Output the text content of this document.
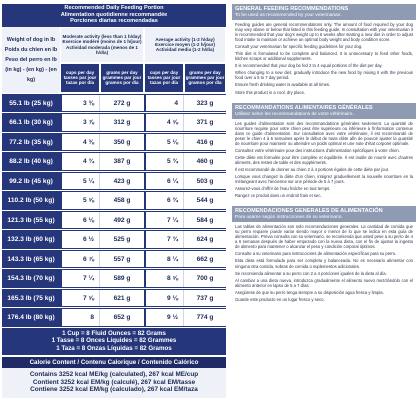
Recommended Daily Feeding Portion
Alimentation quotidienne recommandée
Porciones diarias recomendadas
Weight of dog in lb
Poids du chien en lb
Peso del perro en lb
(in kg) - (en kg) - (en kg)
Moderate activity (less than 1 h/day)
Exercice modéré (moins de 1 h/jour)
Actividad moderada (menos de 1 h/día)
Average activity (1-2 h/day)
Exercice moyen (1-2 h/jour)
Actividad media (1-2 h/día)
cups per day
tasses par jour
tazas por día
grams per day
grammes par jour
gramos por día
cups per day
tasses par jour
tazas por día
grams per day
grammes par jour
gramos por día
55.1 lb (25 kg)	3 ⅜	272 g	4	323 g
66.1 lb (30 kg)	3 ⅞	312 g	4 ⅝	371 g
77.2 lb (35 kg)	4 ⅜	350 g	5 ⅛	416 g
88.2 lb (40 kg)	4 ¾	387 g	5 ¾	460 g
99.2 lb (45 kg)	5 ¼	423 g	6 ¼	503 g
110.2 lb (50 kg)	5 ⅝	458 g	6 ¾	544 g
121.3 lb (55 kg)	6 ⅛	492 g	7 ¼	584 g
132.3 lb (60 kg)	6 ½	525 g	7 ¾	624 g
143.3 lb (65 kg)	6 ⅞	557 g	8 ¼	662 g
154.3 lb (70 kg)	7 ¼	589 g	8 ⅝	700 g
165.3 lb (75 kg)	7 ⅝	621 g	9 ⅛	737 g
176.4 lb (80 kg)	8	652 g	9 ½	774 g
1 Cup = 8 Fluid Ounces = 82 Grams
1 Tasse = 8 Onces Liquides = 82 Grammes
1 Taza = 8 Onzas Líquidas = 82 Gramos
Calorie Content / Contenu Calorique / Contenido Calórico
Contains 3252 kcal ME/kg (calculated), 267 kcal ME/cup
Contient 3252 kcal EM/kg (calculé), 267 kcal EM/tasse
Contiene 3252 kcal EM/kg (calculado), 267 kcal EM/taza
GENERAL FEEDING RECOMMENDATIONS
To be used as recommended by your veterinarian.

Feeding guides are general recommendations only. The amount of food required by your dog may vary above or below that listed in this feeding guide. In consultation with your veterinarian it is recommended that your dog's weight up to 6 weeks after starting a new diet in order to adjust food intake to maintain or achieve an optimal body weight and body condition score.

Consult your veterinarian for specific feeding guidelines for your dog.

This diet is formulated to be complete and balanced. It is unnecessary to feed other foods, kitchen scraps or additional supplements.

It is recommended that your dog be fed 2 to 4 equal portions of the diet per day.

When changing to a new diet, gradually introduce the new food by mixing it with the previous food over a 5 to 7 day period.

Ensure fresh drinking water is available at all times.

Store this product in a cool, dry place.

RECOMMANDATIONS ALIMENTAIRES GÉNÉRALES
Utilisez selon les recommandations de votre vétérinaire.

Les guides d'alimentation sont des recommandations générales seulement. La quantité de nourriture requise pour votre chien peut être supérieure ou inférieure à l'information contenue dans ce guide d'alimentation. Sur consultation avec votre vétérinaire, il est recommandé de peser le chien 4 à 6 semaines après le début de toute diète afin de pouvoir ajuster la quantité de nourriture pour maintenir ou atteindre un poids optimal et une note d'état corporel optimale.

Consultez votre vétérinaire pour des instructions d'alimentation spécifiques à votre chien.

Cette diète est formulée pour être complète et équilibrée. Il est inutile de nourrir avec d'autres aliments, des restes de table et des suppléments.

Il est recommandé de donner au chien 2 à 4 portions égales de cette diète par jour.

Lorsque vous changez la diète d'un chien, intégrez graduellement la nouvelle nourriture en la mélangeant avec l'ancienne sur une période de 5 à 7 jours.

Assurez-vous d'offrir de l'eau fraîche en tout temps.

Rangez ce produit dans un endroit frais et sec.

RECOMENDACIONES GENERALES DE ALIMENTACIÓN
Para usarse según instrucciones de su veterinario.

Las tablas de alimentación son solo recomendaciones generales. La cantidad de comida que su perro requiere puede variar siendo mayor o menor de lo que se indica en esta guía de alimentación. Previa consulta con su veterinario, se recomienda que usted pese a su perro de 4 a 6 semanas después de haber empezado con la nueva dieta, con el fin de ajustar la ingesta de alimento para mantener o alcanzar el peso y condición corporal óptimos.

Consulte a su veterinario para instrucciones de alimentación específicas para su perro.

Esta dieta está formulada para ser completa y balanceada. No es necesario alimentar con ninguna otra comida, sobras de comida o suplementos adicionales.

Se recomienda alimentar a su perro con 2 a 4 porciones iguales de la dieta al día.

Al cambiar a una dieta nueva, introduzca gradualmente el alimento nuevo mezclándolo con el alimento anterior en lapso de 5 a 7 días.

Asegúrese de que su perro tenga siempre a su disposición agua fresca y limpia.

Guarde este producto en un lugar fresco y seco.
